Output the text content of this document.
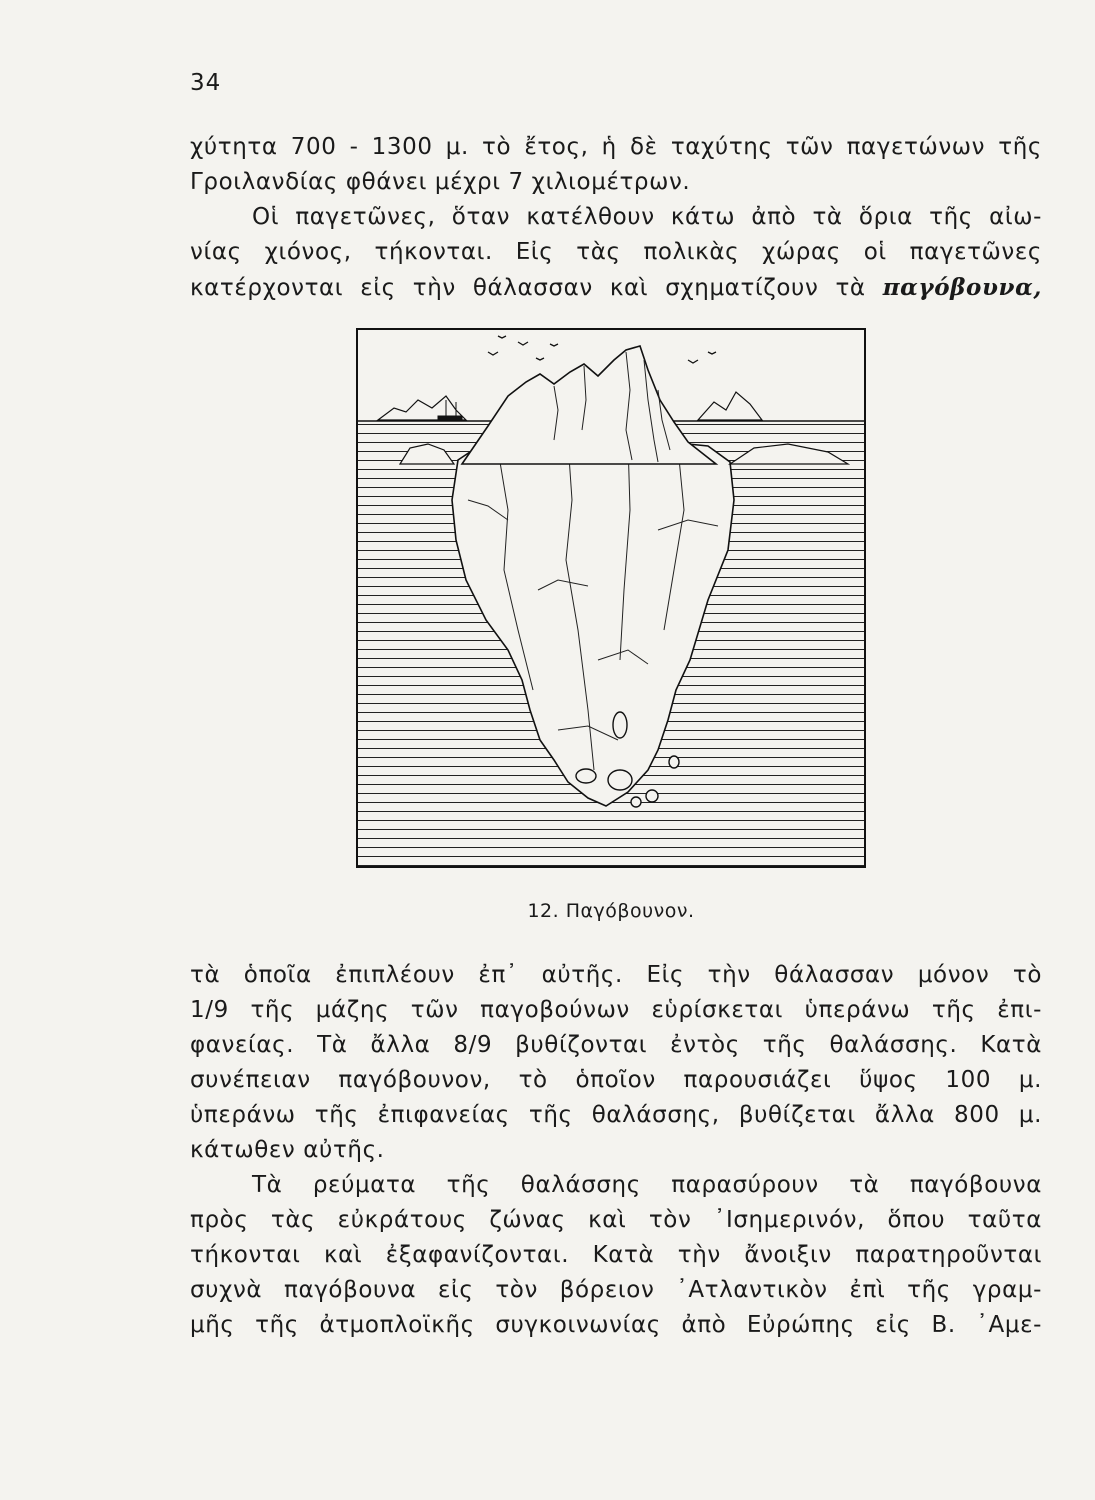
34
χύτητα 700 - 1300 μ. τὸ ἔτος, ἡ δὲ ταχύτης τῶν παγετώνων τῆς
Γροιλανδίας φθάνει μέχρι 7 χιλιομέτρων.
Οἱ παγετῶνες, ὅταν κατέλθουν κάτω ἀπὸ τὰ ὅρια τῆς αἰω-
νίας χιόνος, τήκονται. Εἰς τὰς πολικὰς χώρας οἱ παγετῶνες
κατέρχονται εἰς τὴν θάλασσαν καὶ σχηματίζουν τὰ παγόβουνα,
12. Παγόβουνον.
τὰ ὁποῖα ἐπιπλέουν ἐπ᾽ αὐτῆς. Εἰς τὴν θάλασσαν μόνον τὸ
1/9 τῆς μάζης τῶν παγοβούνων εὑρίσκεται ὑπεράνω τῆς ἐπι-
φανείας. Τὰ ἄλλα 8/9 βυθίζονται ἐντὸς τῆς θαλάσσης. Κατὰ
συνέπειαν παγόβουνον, τὸ ὁποῖον παρουσιάζει ὕψος 100 μ.
ὑπεράνω τῆς ἐπιφανείας τῆς θαλάσσης, βυθίζεται ἄλλα 800 μ.
κάτωθεν αὐτῆς.
Τὰ ρεύματα τῆς θαλάσσης παρασύρουν τὰ παγόβουνα
πρὸς τὰς εὐκράτους ζώνας καὶ τὸν ᾽Ισημερινόν, ὅπου ταῦτα
τήκονται καὶ ἐξαφανίζονται. Κατὰ τὴν ἄνοιξιν παρατηροῦνται
συχνὰ παγόβουνα εἰς τὸν βόρειον ᾽Ατλαντικὸν ἐπὶ τῆς γραμ-
μῆς τῆς ἀτμοπλοϊκῆς συγκοινωνίας ἀπὸ Εὐρώπης εἰς Β. ᾽Αμε-
